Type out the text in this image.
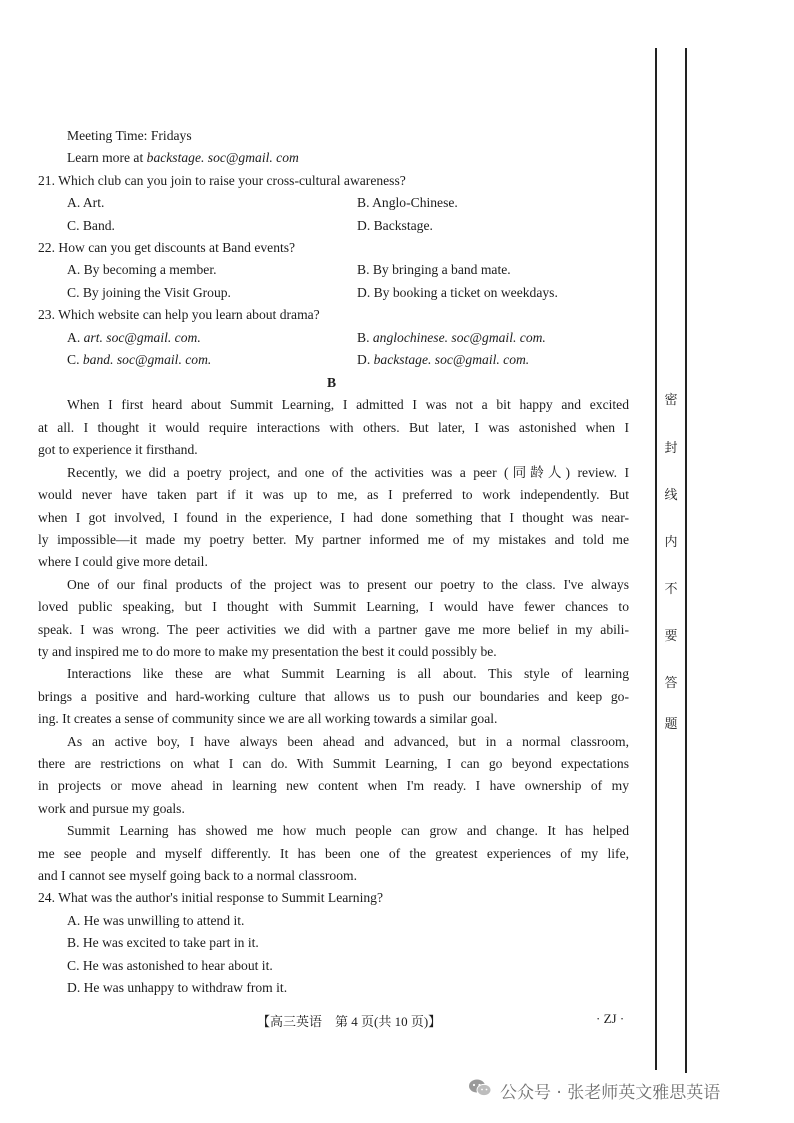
Meeting Time: Fridays
Learn more at backstage. soc@gmail. com
21. Which club can you join to raise your cross-cultural awareness?
A. Art.	B. Anglo-Chinese.
C. Band.	D. Backstage.
22. How can you get discounts at Band events?
A. By becoming a member.	B. By bringing a band mate.
C. By joining the Visit Group.	D. By booking a ticket on weekdays.
23. Which website can help you learn about drama?
A. art. soc@gmail. com.	B. anglochinese. soc@gmail. com.
C. band. soc@gmail. com.	D. backstage. soc@gmail. com.
B
When I first heard about Summit Learning, I admitted I was not a bit happy and excited
at all. I thought it would require interactions with others. But later, I was astonished when I
got to experience it firsthand.
Recently, we did a poetry project, and one of the activities was a peer (同龄人) review. I
would never have taken part if it was up to me, as I preferred to work independently. But
when I got involved, I found in the experience, I had done something that I thought was near-
ly impossible—it made my poetry better. My partner informed me of my mistakes and told me
where I could give more detail.
One of our final products of the project was to present our poetry to the class. I've always
loved public speaking, but I thought with Summit Learning, I would have fewer chances to
speak. I was wrong. The peer activities we did with a partner gave me more belief in my abili-
ty and inspired me to do more to make my presentation the best it could possibly be.
Interactions like these are what Summit Learning is all about. This style of learning
brings a positive and hard-working culture that allows us to push our boundaries and keep go-
ing. It creates a sense of community since we are all working towards a similar goal.
As an active boy, I have always been ahead and advanced, but in a normal classroom,
there are restrictions on what I can do. With Summit Learning, I can go beyond expectations
in projects or move ahead in learning new content when I'm ready. I have ownership of my
work and pursue my goals.
Summit Learning has showed me how much people can grow and change. It has helped
me see people and myself differently. It has been one of the greatest experiences of my life,
and I cannot see myself going back to a normal classroom.
24. What was the author's initial response to Summit Learning?
A. He was unwilling to attend it.
B. He was excited to take part in it.
C. He was astonished to hear about it.
D. He was unhappy to withdraw from it.
【高三英语　第 4 页(共 10 页)】	· ZJ ·
密
封
线
内
不
要
答
题
公众号 · 张老师英文雅思英语
